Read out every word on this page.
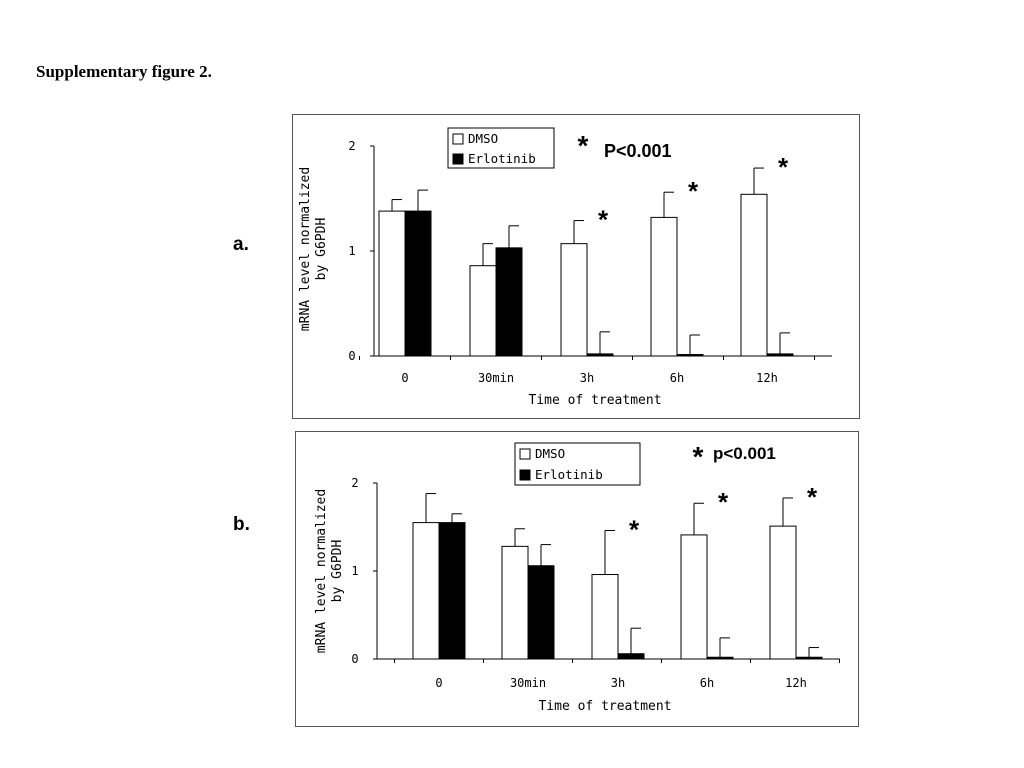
Supplementary figure 2.
a.
b.
0
1
2
0	30min	3h	6h	12h
*
*
*
* P<0.001
DMSO
Erlotinib
Time of treatment
mRNA level normalized by G6PDH
0
1
2
0	30min	3h	6h	12h
*
*	*
* p<0.001
DMSO
Erlotinib
Time of treatment
mRNA level normalized by G6PDH
